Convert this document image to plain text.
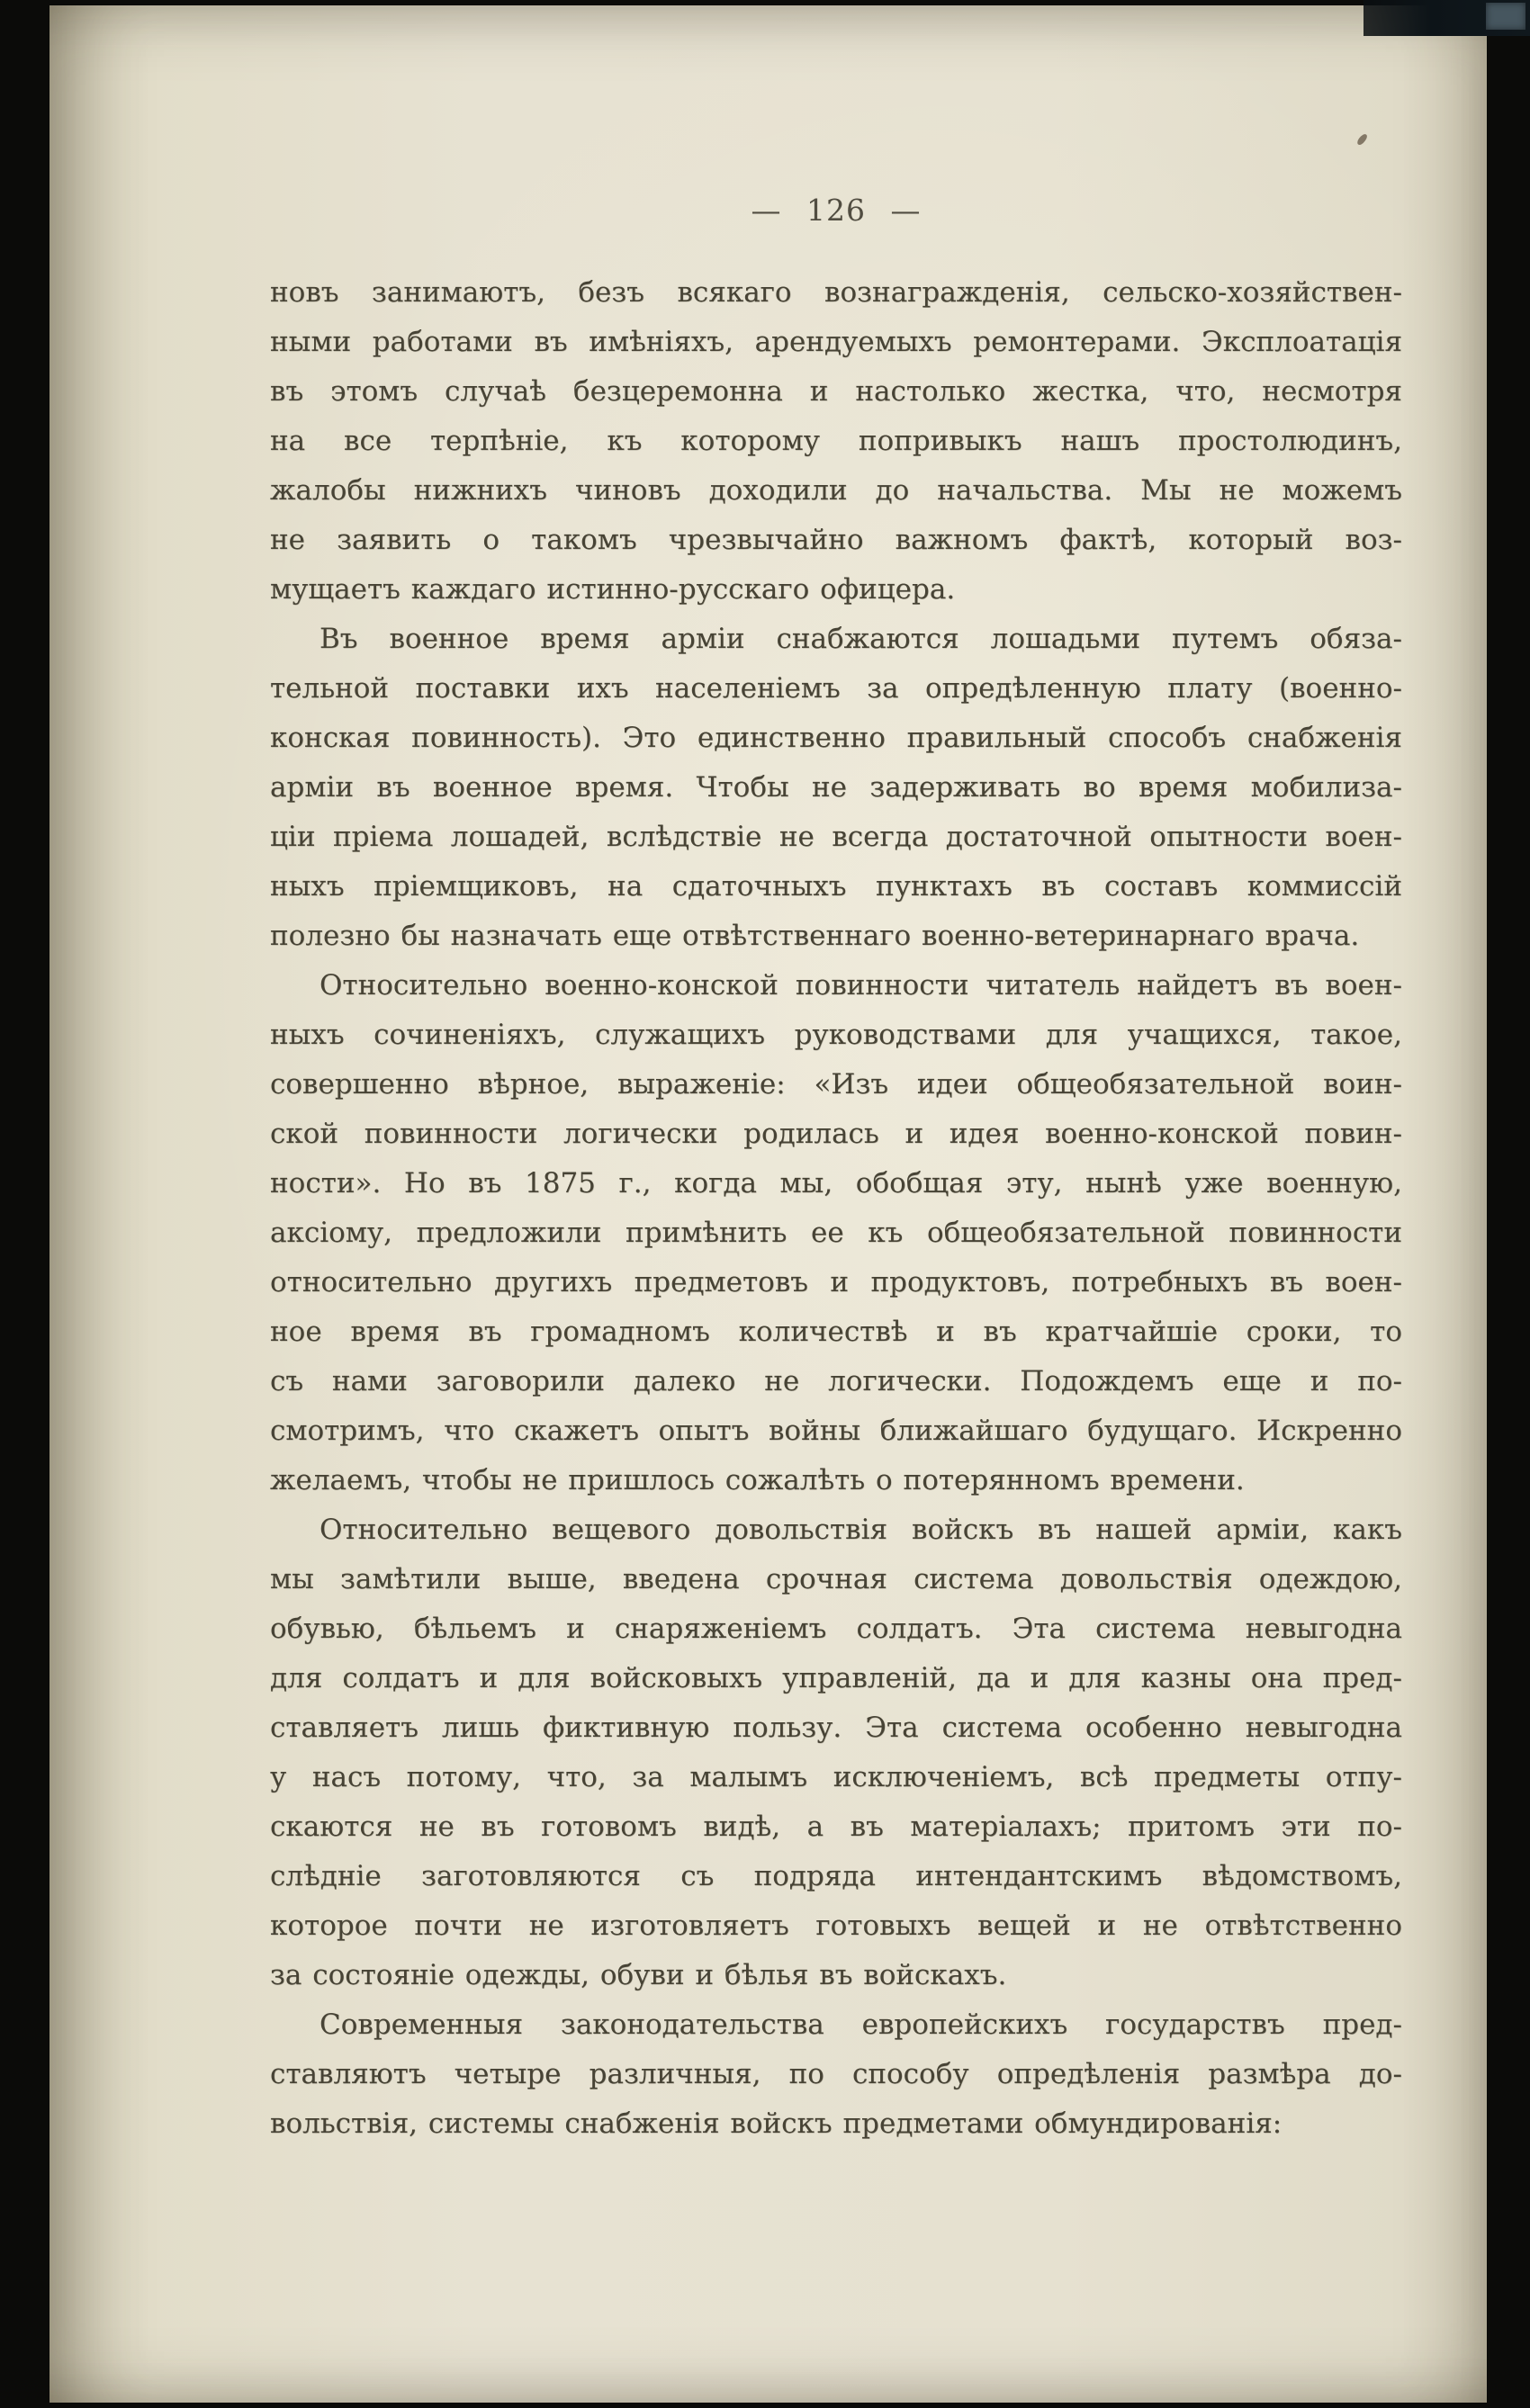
— 126 —
новъ занимаютъ, безъ всякаго вознагражденія, сельско-хозяйствен-
ными работами въ имѣніяхъ, арендуемыхъ ремонтерами. Эксплоатація
въ этомъ случаѣ безцеремонна и настолько жестка, что, несмотря
на все терпѣніе, къ которому попривыкъ нашъ простолюдинъ,
жалобы нижнихъ чиновъ доходили до начальства. Мы не можемъ
не заявить о такомъ чрезвычайно важномъ фактѣ, который воз-
мущаетъ каждаго истинно-русскаго офицера.
Въ военное время арміи снабжаются лошадьми путемъ обяза-
тельной поставки ихъ населеніемъ за опредѣленную плату (военно-
конская повинность). Это единственно правильный способъ снабженія
арміи въ военное время. Чтобы не задерживать во время мобилиза-
ціи пріема лошадей, вслѣдствіе не всегда достаточной опытности воен-
ныхъ пріемщиковъ, на сдаточныхъ пунктахъ въ составъ коммиссій
полезно бы назначать еще отвѣтственнаго военно-ветеринарнаго врача.
Относительно военно-конской повинности читатель найдетъ въ воен-
ныхъ сочиненіяхъ, служащихъ руководствами для учащихся, такое,
совершенно вѣрное, выраженіе: «Изъ идеи общеобязательной воин-
ской повинности логически родилась и идея военно-конской повин-
ности». Но въ 1875 г., когда мы, обобщая эту, нынѣ уже военную,
аксіому, предложили примѣнить ее къ общеобязательной повинности
относительно другихъ предметовъ и продуктовъ, потребныхъ въ воен-
ное время въ громадномъ количествѣ и въ кратчайшіе сроки, то
съ нами заговорили далеко не логически. Подождемъ еще и по-
смотримъ, что скажетъ опытъ войны ближайшаго будущаго. Искренно
желаемъ, чтобы не пришлось сожалѣть о потерянномъ времени.
Относительно вещевого довольствія войскъ въ нашей арміи, какъ
мы замѣтили выше, введена срочная система довольствія одеждою,
обувью, бѣльемъ и снаряженіемъ солдатъ. Эта система невыгодна
для солдатъ и для войсковыхъ управленій, да и для казны она пред-
ставляетъ лишь фиктивную пользу. Эта система особенно невыгодна
у насъ потому, что, за малымъ исключеніемъ, всѣ предметы отпу-
скаются не въ готовомъ видѣ, а въ матеріалахъ; притомъ эти по-
слѣдніе заготовляются съ подряда интендантскимъ вѣдомствомъ,
которое почти не изготовляетъ готовыхъ вещей и не отвѣтственно
за состояніе одежды, обуви и бѣлья въ войскахъ.
Современныя законодательства европейскихъ государствъ пред-
ставляютъ четыре различныя, по способу опредѣленія размѣра до-
вольствія, системы снабженія войскъ предметами обмундированія:
